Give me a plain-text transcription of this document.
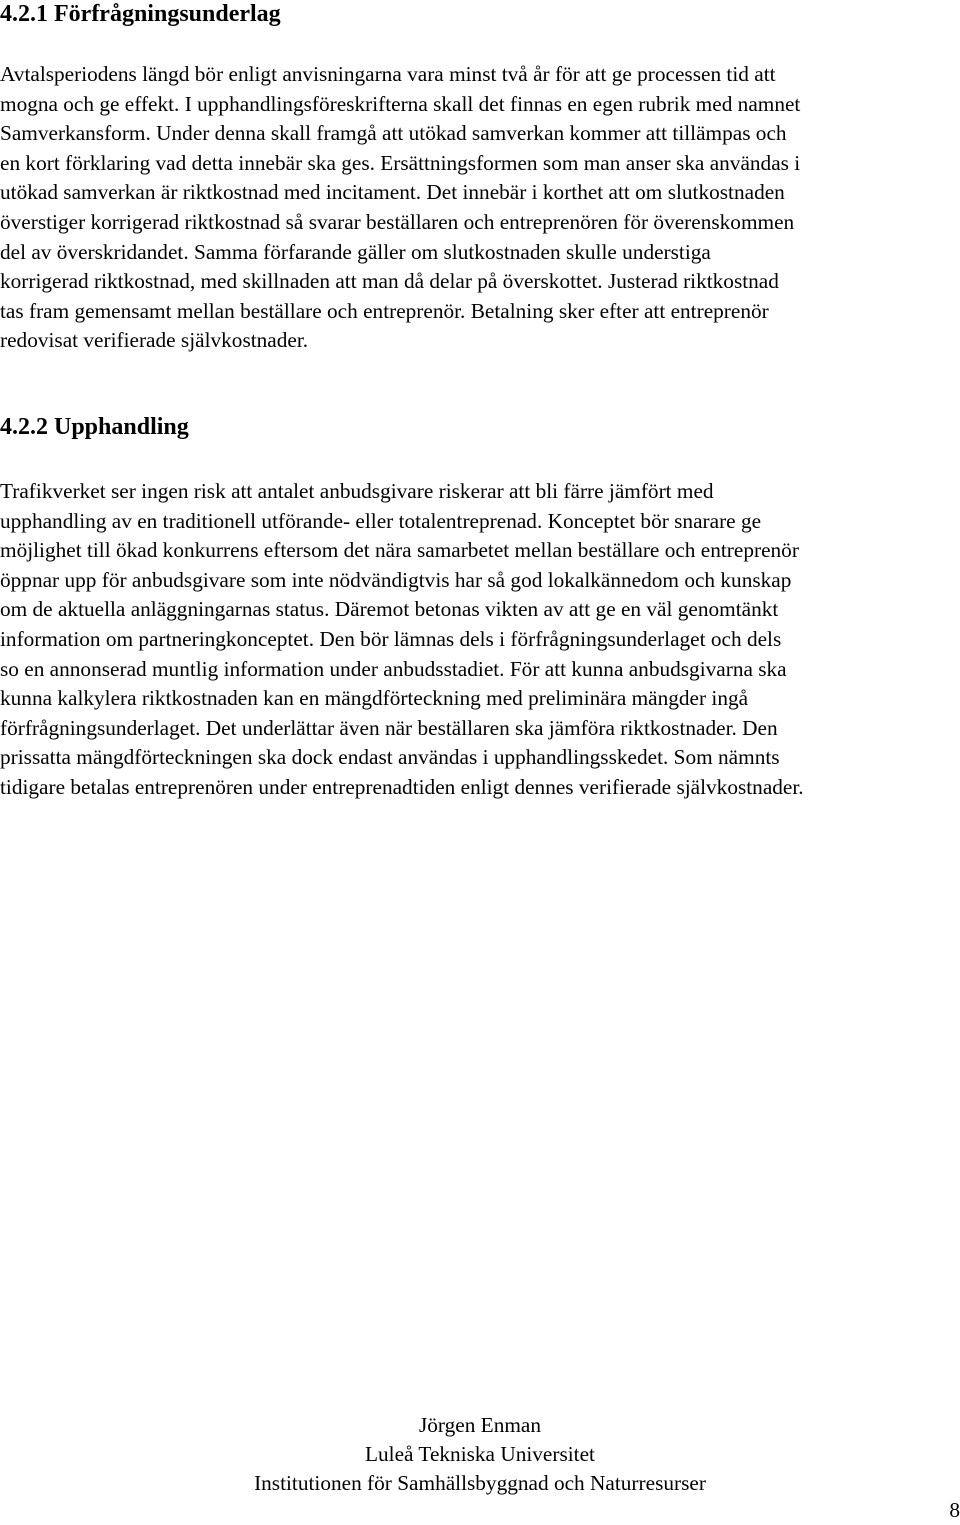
4.2.1 Förfrågningsunderlag

Avtalsperiodens längd bör enligt anvisningarna vara minst två år för att ge processen tid att
mogna och ge effekt. I upphandlingsföreskrifterna skall det finnas en egen rubrik med namnet
Samverkansform. Under denna skall framgå att utökad samverkan kommer att tillämpas och
en kort förklaring vad detta innebär ska ges. Ersättningsformen som man anser ska användas i
utökad samverkan är riktkostnad med incitament. Det innebär i korthet att om slutkostnaden
överstiger korrigerad riktkostnad så svarar beställaren och entreprenören för överenskommen
del av överskridandet. Samma förfarande gäller om slutkostnaden skulle understiga
korrigerad riktkostnad, med skillnaden att man då delar på överskottet. Justerad riktkostnad
tas fram gemensamt mellan beställare och entreprenör. Betalning sker efter att entreprenör
redovisat verifierade självkostnader.

4.2.2 Upphandling

Trafikverket ser ingen risk att antalet anbudsgivare riskerar att bli färre jämfört med
upphandling av en traditionell utförande- eller totalentreprenad. Konceptet bör snarare ge
möjlighet till ökad konkurrens eftersom det nära samarbetet mellan beställare och entreprenör
öppnar upp för anbudsgivare som inte nödvändigtvis har så god lokalkännedom och kunskap
om de aktuella anläggningarnas status. Däremot betonas vikten av att ge en väl genomtänkt
information om partneringkonceptet. Den bör lämnas dels i förfrågningsunderlaget och dels
so en annonserad muntlig information under anbudsstadiet. För att kunna anbudsgivarna ska
kunna kalkylera riktkostnaden kan en mängdförteckning med preliminära mängder ingå
förfrågningsunderlaget. Det underlättar även när beställaren ska jämföra riktkostnader. Den
prissatta mängdförteckningen ska dock endast användas i upphandlingsskedet. Som nämnts
tidigare betalas entreprenören under entreprenadtiden enligt dennes verifierade självkostnader.

Jörgen Enman
Luleå Tekniska Universitet
Institutionen för Samhällsbyggnad och Naturresurser
8
